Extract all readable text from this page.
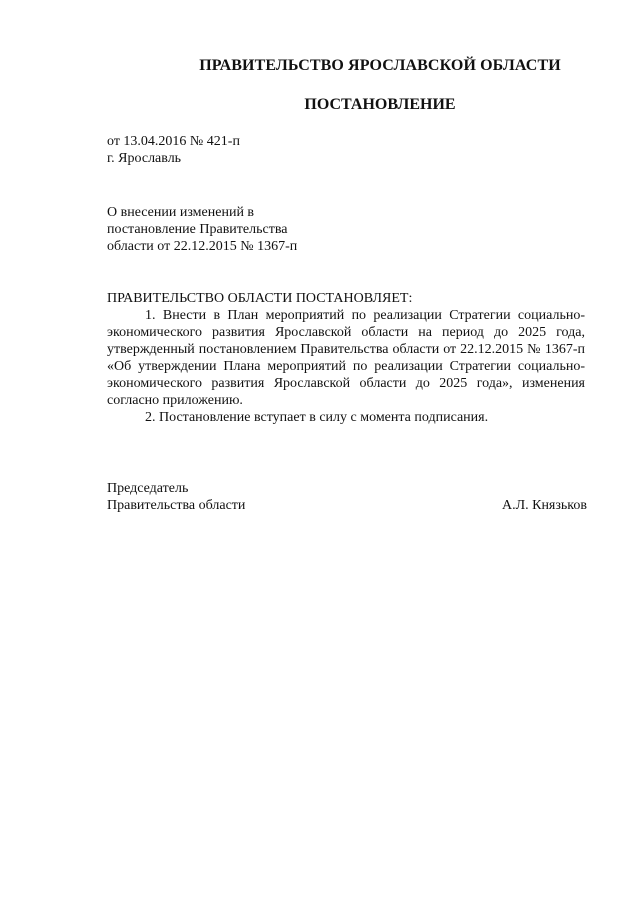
ПРАВИТЕЛЬСТВО ЯРОСЛАВСКОЙ ОБЛАСТИ
ПОСТАНОВЛЕНИЕ
от 13.04.2016 № 421-п
г. Ярославль
О внесении изменений в
постановление Правительства
области от 22.12.2015 № 1367-п
ПРАВИТЕЛЬСТВО ОБЛАСТИ ПОСТАНОВЛЯЕТ:

1. Внести в План мероприятий по реализации Стратегии социально-экономического развития Ярославской области на период до 2025 года, утвержденный постановлением Правительства области от 22.12.2015 № 1367-п «Об утверждении Плана мероприятий по реализации Стратегии социально-экономического развития Ярославской области до 2025 года», изменения согласно приложению.

2. Постановление вступает в силу с момента подписания.

Председатель
Правительства области	А.Л. Князьков
